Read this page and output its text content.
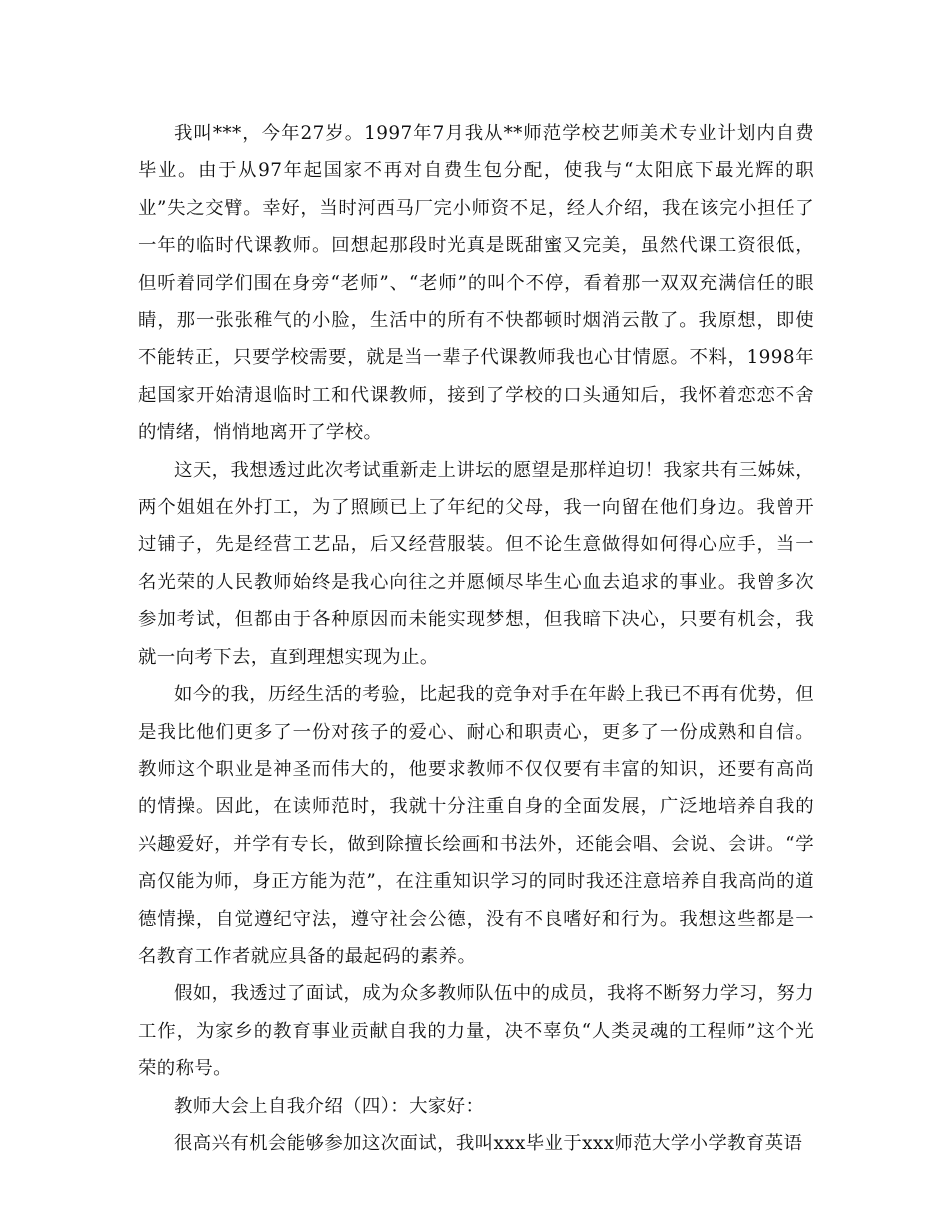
我叫***，今年27岁。1997年7月我从**师范学校艺师美术专业计划内自费毕业。由于从97年起国家不再对自费生包分配，使我与“太阳底下最光辉的职业”失之交臂。幸好，当时河西马厂完小师资不足，经人介绍，我在该完小担任了一年的临时代课教师。回想起那段时光真是既甜蜜又完美，虽然代课工资很低，但听着同学们围在身旁“老师”、“老师”的叫个不停，看着那一双双充满信任的眼睛，那一张张稚气的小脸，生活中的所有不快都顿时烟消云散了。我原想，即使不能转正，只要学校需要，就是当一辈子代课教师我也心甘情愿。不料，1998年起国家开始清退临时工和代课教师，接到了学校的口头通知后，我怀着恋恋不舍的情绪，悄悄地离开了学校。

这天，我想透过此次考试重新走上讲坛的愿望是那样迫切！我家共有三姊妹，两个姐姐在外打工，为了照顾已上了年纪的父母，我一向留在他们身边。我曾开过铺子，先是经营工艺品，后又经营服装。但不论生意做得如何得心应手，当一名光荣的人民教师始终是我心向往之并愿倾尽毕生心血去追求的事业。我曾多次参加考试，但都由于各种原因而未能实现梦想，但我暗下决心，只要有机会，我就一向考下去，直到理想实现为止。

如今的我，历经生活的考验，比起我的竞争对手在年龄上我已不再有优势，但是我比他们更多了一份对孩子的爱心、耐心和职责心，更多了一份成熟和自信。教师这个职业是神圣而伟大的，他要求教师不仅仅要有丰富的知识，还要有高尚的情操。因此，在读师范时，我就十分注重自身的全面发展，广泛地培养自我的兴趣爱好，并学有专长，做到除擅长绘画和书法外，还能会唱、会说、会讲。“学高仅能为师，身正方能为范”，在注重知识学习的同时我还注意培养自我高尚的道德情操，自觉遵纪守法，遵守社会公德，没有不良嗜好和行为。我想这些都是一名教育工作者就应具备的最起码的素养。

假如，我透过了面试，成为众多教师队伍中的成员，我将不断努力学习，努力工作，为家乡的教育事业贡献自我的力量，决不辜负“人类灵魂的工程师”这个光荣的称号。

教师大会上自我介绍（四）：大家好：

很高兴有机会能够参加这次面试，我叫xxx毕业于xxx师范大学小学教育英语
